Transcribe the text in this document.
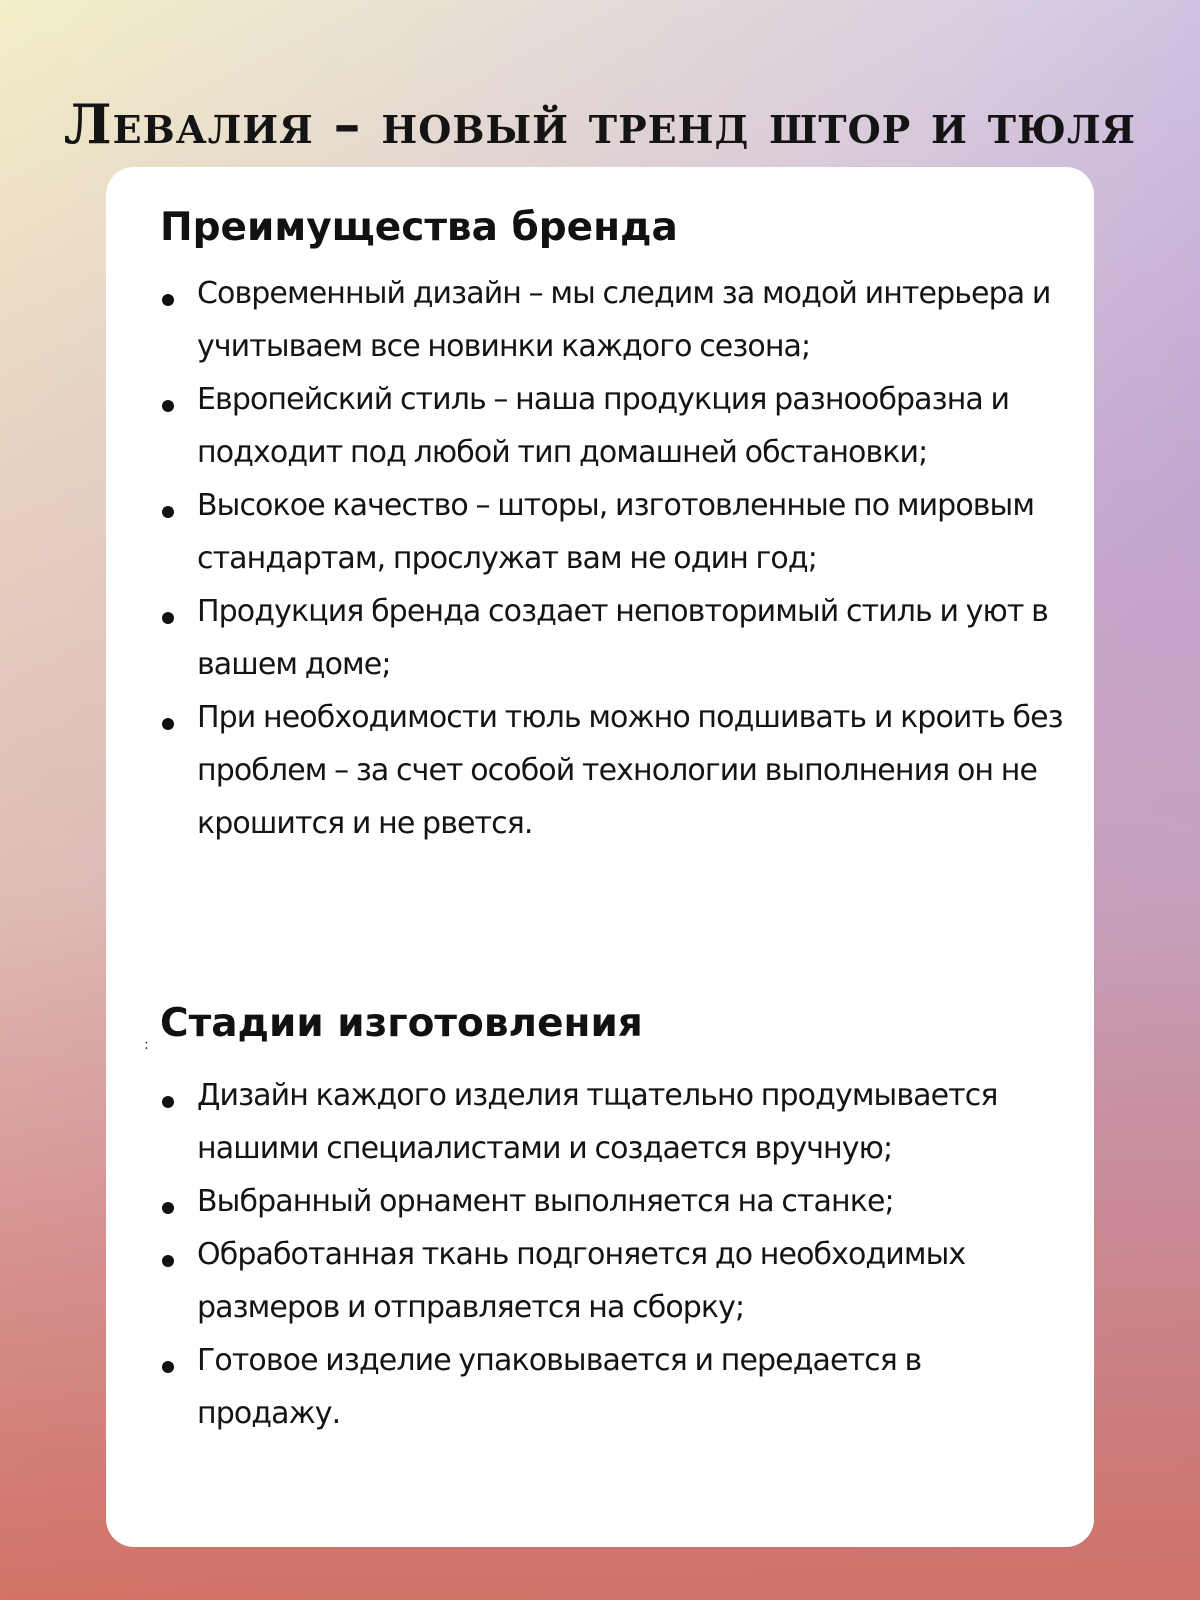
Левалия – новый тренд штор и тюля
Преимущества бренда
Современный дизайн – мы следим за модой интерьера и учитываем все новинки каждого сезона;
Европейский стиль – наша продукция разнообразна и подходит под любой тип домашней обстановки;
Высокое качество – шторы, изготовленные по мировым стандартам, прослужат вам не один год;
Продукция бренда создает неповторимый стиль и уют в вашем доме;
При необходимости тюль можно подшивать и кроить без проблем – за счет особой технологии выполнения он не крошится и не рвется.
: Стадии изготовления
Дизайн каждого изделия тщательно продумывается нашими специалистами и создается вручную;
Выбранный орнамент выполняется на станке;
Обработанная ткань подгоняется до необходимых размеров и отправляется на сборку;
Готовое изделие упаковывается и передается в продажу.
